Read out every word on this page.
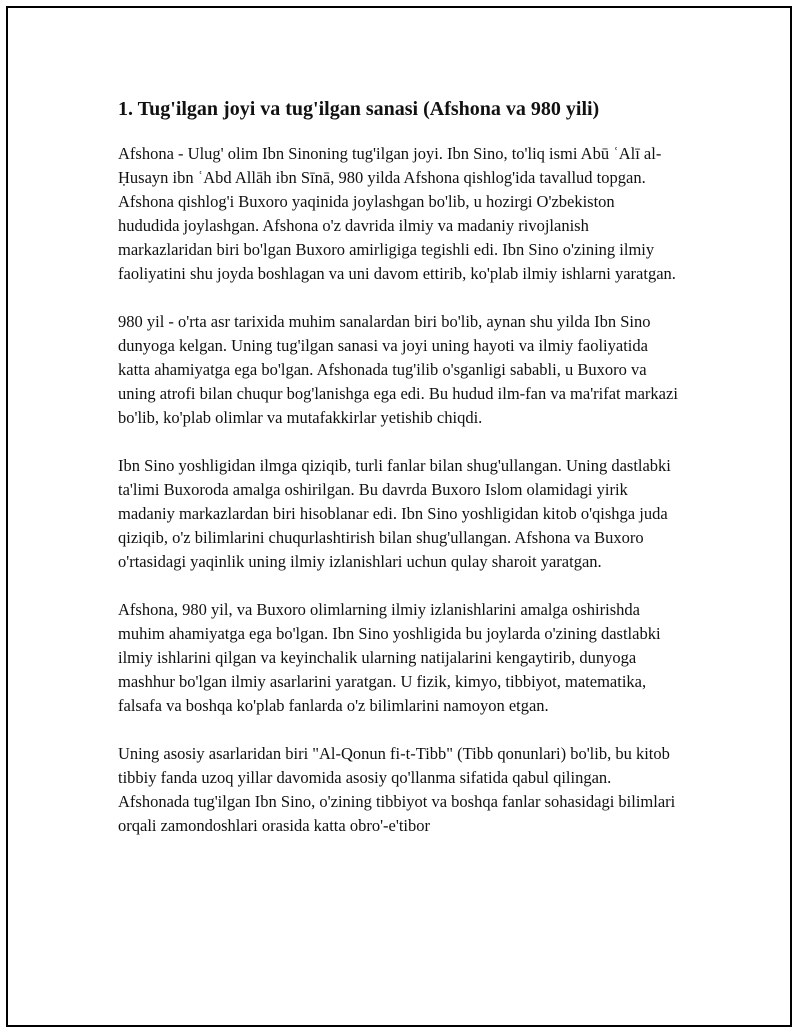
1. Tug'ilgan joyi va tug'ilgan sanasi (Afshona va 980 yili)

Afshona - Ulug' olim Ibn Sinoning tug'ilgan joyi. Ibn Sino, to'liq ismi Abū ʿAlī al-Ḥusayn ibn ʿAbd Allāh ibn Sīnā, 980 yilda Afshona qishlog'ida tavallud topgan. Afshona qishlog'i Buxoro yaqinida joylashgan bo'lib, u hozirgi O'zbekiston hududida joylashgan. Afshona o'z davrida ilmiy va madaniy rivojlanish markazlaridan biri bo'lgan Buxoro amirligiga tegishli edi. Ibn Sino o'zining ilmiy faoliyatini shu joyda boshlagan va uni davom ettirib, ko'plab ilmiy ishlarni yaratgan.

980 yil - o'rta asr tarixida muhim sanalardan biri bo'lib, aynan shu yilda Ibn Sino dunyoga kelgan. Uning tug'ilgan sanasi va joyi uning hayoti va ilmiy faoliyatida katta ahamiyatga ega bo'lgan. Afshonada tug'ilib o'sganligi sababli, u Buxoro va uning atrofi bilan chuqur bog'lanishga ega edi. Bu hudud ilm-fan va ma'rifat markazi bo'lib, ko'plab olimlar va mutafakkirlar yetishib chiqdi.

Ibn Sino yoshligidan ilmga qiziqib, turli fanlar bilan shug'ullangan. Uning dastlabki ta'limi Buxoroda amalga oshirilgan. Bu davrda Buxoro Islom olamidagi yirik madaniy markazlardan biri hisoblanar edi. Ibn Sino yoshligidan kitob o'qishga juda qiziqib, o'z bilimlarini chuqurlashtirish bilan shug'ullangan. Afshona va Buxoro o'rtasidagi yaqinlik uning ilmiy izlanishlari uchun qulay sharoit yaratgan.

Afshona, 980 yil, va Buxoro olimlarning ilmiy izlanishlarini amalga oshirishda muhim ahamiyatga ega bo'lgan. Ibn Sino yoshligida bu joylarda o'zining dastlabki ilmiy ishlarini qilgan va keyinchalik ularning natijalarini kengaytirib, dunyoga mashhur bo'lgan ilmiy asarlarini yaratgan. U fizik, kimyo, tibbiyot, matematika, falsafa va boshqa ko'plab fanlarda o'z bilimlarini namoyon etgan.

Uning asosiy asarlaridan biri "Al-Qonun fi-t-Tibb" (Tibb qonunlari) bo'lib, bu kitob tibbiy fanda uzoq yillar davomida asosiy qo'llanma sifatida qabul qilingan. Afshonada tug'ilgan Ibn Sino, o'zining tibbiyot va boshqa fanlar sohasidagi bilimlari orqali zamondoshlari orasida katta obro'-e'tibor
